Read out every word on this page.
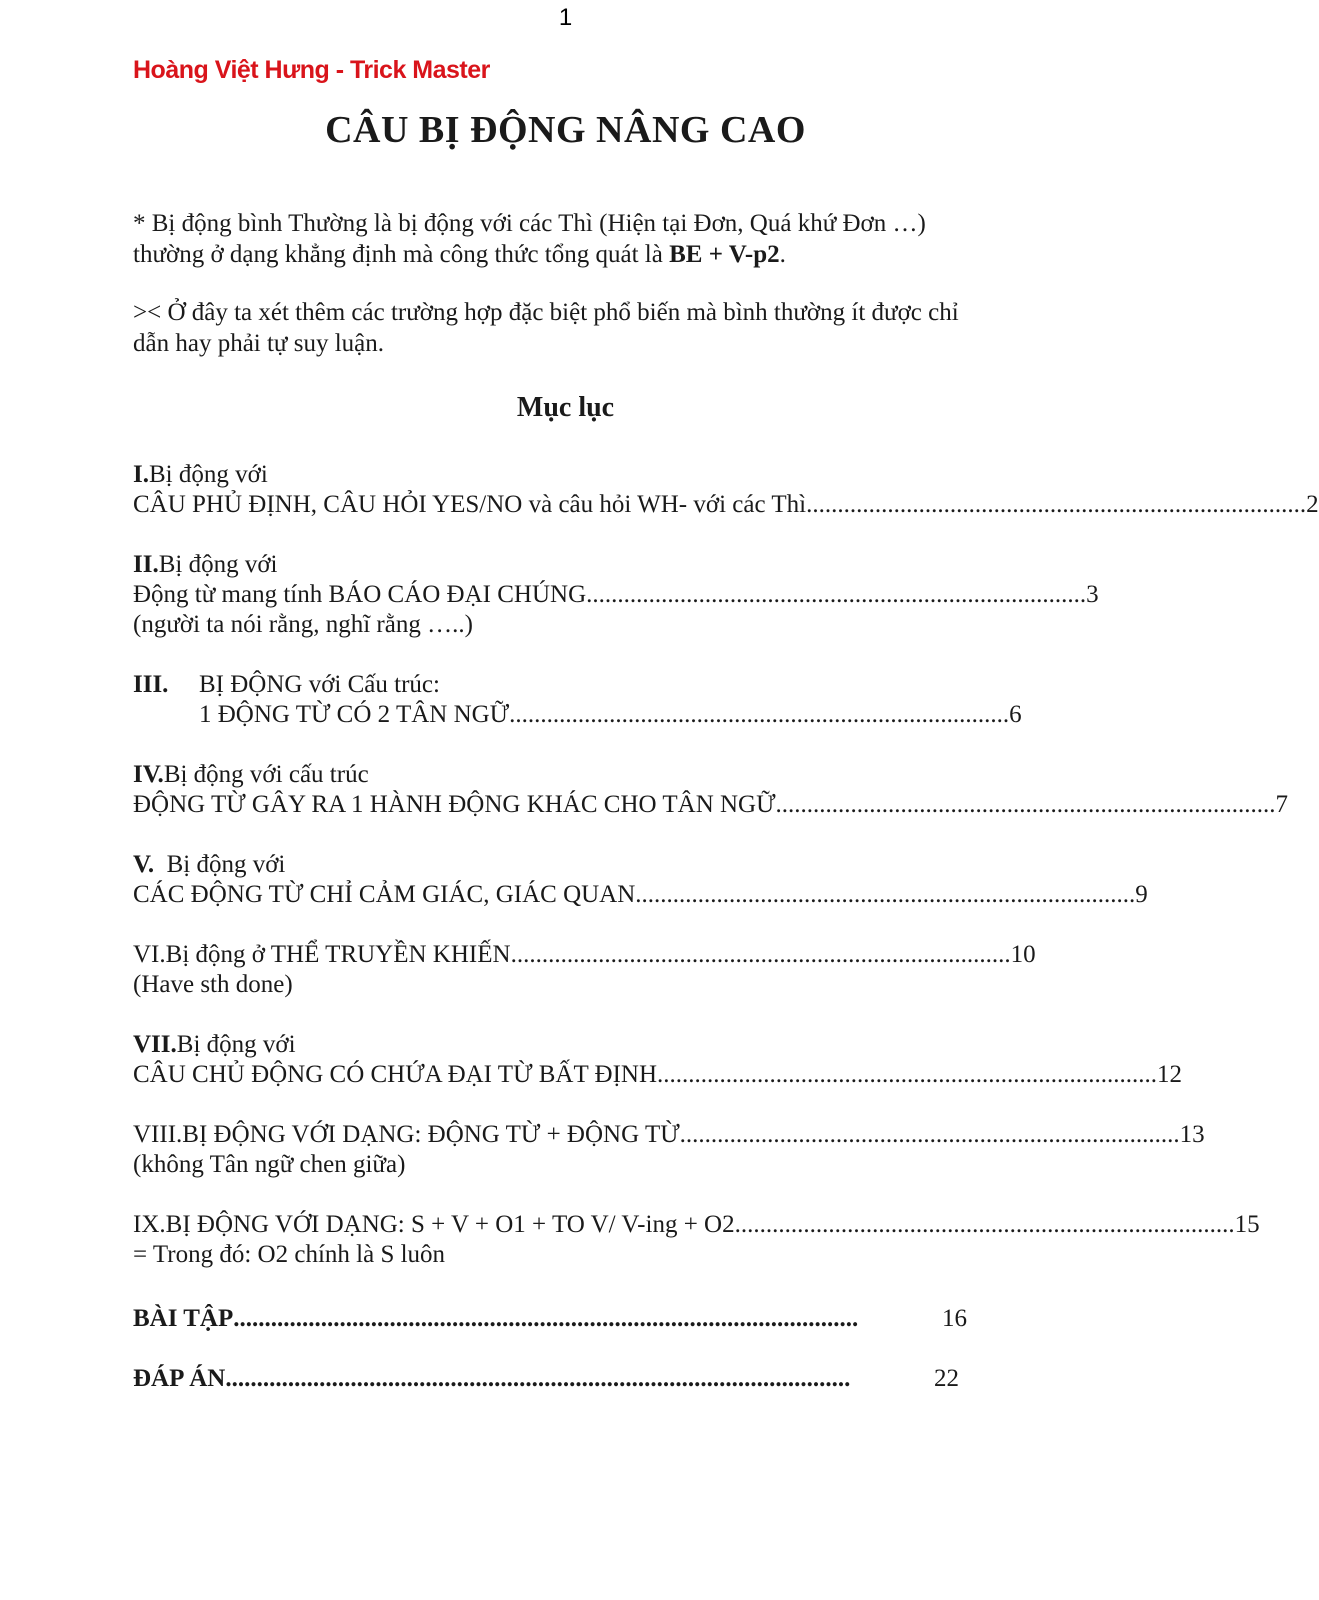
1
Hoàng Việt Hưng - Trick Master
CÂU BỊ ĐỘNG NÂNG CAO
* Bị động bình Thường là bị động với các Thì (Hiện tại Đơn, Quá khứ Đơn …)
thường ở dạng khẳng định mà công thức tổng quát là BE + V-p2.
>< Ở đây ta xét thêm các trường hợp đặc biệt phổ biến mà bình thường ít được chỉ
dẫn hay phải tự suy luận.
Mục lục
I. Bị động với
CÂU PHỦ ĐỊNH, CÂU HỎI YES/NO và câu hỏi WH- với các Thì ................................................................................ 2
II. Bị động với
Động từ mang tính BÁO CÁO ĐẠI CHÚNG ................................................................................ 3
(người ta nói rằng, nghĩ rằng …..)
III.	BỊ ĐỘNG với Cấu trúc:
1 ĐỘNG TỪ CÓ 2 TÂN NGỮ ................................................................................ 6
IV. Bị động với cấu trúc
ĐỘNG TỪ GÂY RA 1 HÀNH ĐỘNG KHÁC CHO TÂN NGỮ ................................................................................ 7
V. Bị động với
CÁC ĐỘNG TỪ CHỈ CẢM GIÁC, GIÁC QUAN ................................................................................ 9
VI. Bị động ở THỂ TRUYỀN KHIẾN ................................................................................ 10
(Have sth done)
VII. Bị động với
CÂU CHỦ ĐỘNG CÓ CHỨA ĐẠI TỪ BẤT ĐỊNH ................................................................................ 12
VIII. BỊ ĐỘNG VỚI DẠNG: ĐỘNG TỪ + ĐỘNG TỪ ................................................................................ 13
(không Tân ngữ chen giữa)
IX. BỊ ĐỘNG VỚI DẠNG: S + V + O1 + TO V/ V-ing + O2 ................................................................................ 15
= Trong đó: O2 chính là S luôn
BÀI TẬP ....................................................................................................	16
ĐÁP ÁN ....................................................................................................	22
